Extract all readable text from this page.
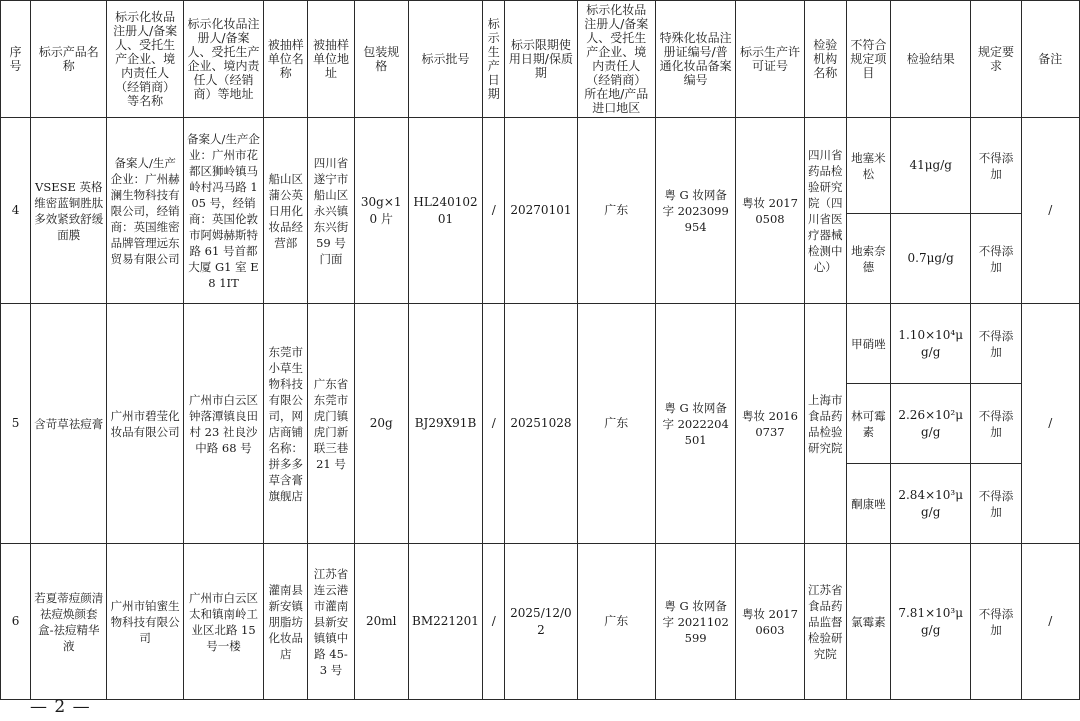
序号	标示产品名称	标示化妆品注册人/备案人、受托生产企业、境内责任人（经销商）等名称	标示化妆品注册人/备案人、受托生产企业、境内责任人（经销商）等地址	被抽样单位名称	被抽样单位地址	包装规格	标示批号	标示生产日期	标示限期使用日期/保质期	标示化妆品注册人/备案人、受托生产企业、境内责任人（经销商）所在地/产品进口地区	特殊化妆品注册证编号/普通化妆品备案编号	标示生产许可证号	检验机构名称	不符合规定项目	检验结果	规定要求	备注
4	VSESE 英格维密蓝铜胜肽多效紧致舒缓面膜	备案人/生产企业：广州赫澜生物科技有限公司，经销商：英国维密品牌管理远东贸易有限公司	备案人/生产企业：广州市花都区狮岭镇马岭村冯马路 105 号，经销商：英国伦敦市阿姆赫斯特路 61 号首都大厦 G1 室 E8 1IT	船山区蒲公英日用化妆品经营部	四川省遂宁市船山区永兴镇东兴街 59 号门面	30g×10 片	HL24010201	/	20270101	广东	粤 G 妆网备字 2023099954	粤妆 20170508	四川省药品检验研究院（四川省医疗器械检测中心）	地塞米松	41μg/g	不得添加	/
														地索奈德	0.7μg/g	不得添加	
5	含苛草祛痘膏	广州市碧莹化妆品有限公司	广州市白云区钟落潭镇良田村 23 社良沙中路 68 号	东莞市小草生物科技有限公司，网店商铺名称：拼多多草含膏旗舰店	广东省东莞市虎门镇虎门新联三巷 21 号	20g	BJ29X91B	/	20251028	广东	粤 G 妆网备字 2022204501	粤妆 20160737	上海市食品药品检验研究院	甲硝唑	1.10×10⁴μg/g	不得添加	/
														林可霉素	2.26×10²μg/g	不得添加	
														酮康唑	2.84×10³μg/g	不得添加	
6	若夏蒂痘颜清祛痘焕颜套盒-祛痘精华液	广州市铂蜜生物科技有限公司	广州市白云区太和镇南岭工业区北路 15 号一楼	灌南县新安镇朋脂坊化妆品店	江苏省连云港市灌南县新安镇镇中路 45-3 号	20ml	BM221201	/	2025/12/02	广东	粤 G 妆网备字 2021102599	粤妆 20170603	江苏省食品药品监督检验研究院	氯霉素	7.81×10³μg/g	不得添加	/
— 2 —
